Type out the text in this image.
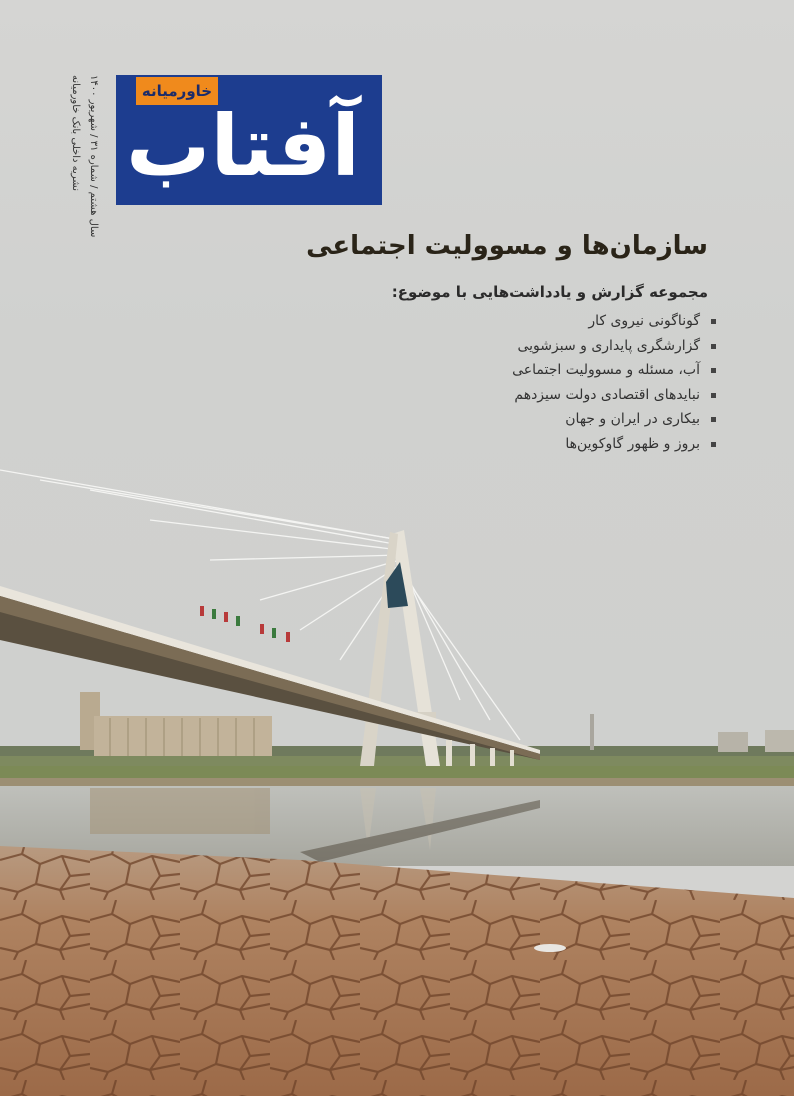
نشریه داخلی بانک خاورمیانه سال هشتم / شماره ۳۱ / شهریور ۱۴۰۰
خاورمیانه
آفتاب
سازمان‌ها و مسوولیت اجتماعی
مجموعه گزارش و یادداشت‌هایی با موضوع:
گوناگونی نیروی کار
گزارشگری پایداری و سبزشویی
آب، مسئله و مسوولیت اجتماعی
نبایدهای اقتصادی دولت سیزدهم
بیکاری در ایران و جهان
بروز و ظهور گاوکوین‌ها
